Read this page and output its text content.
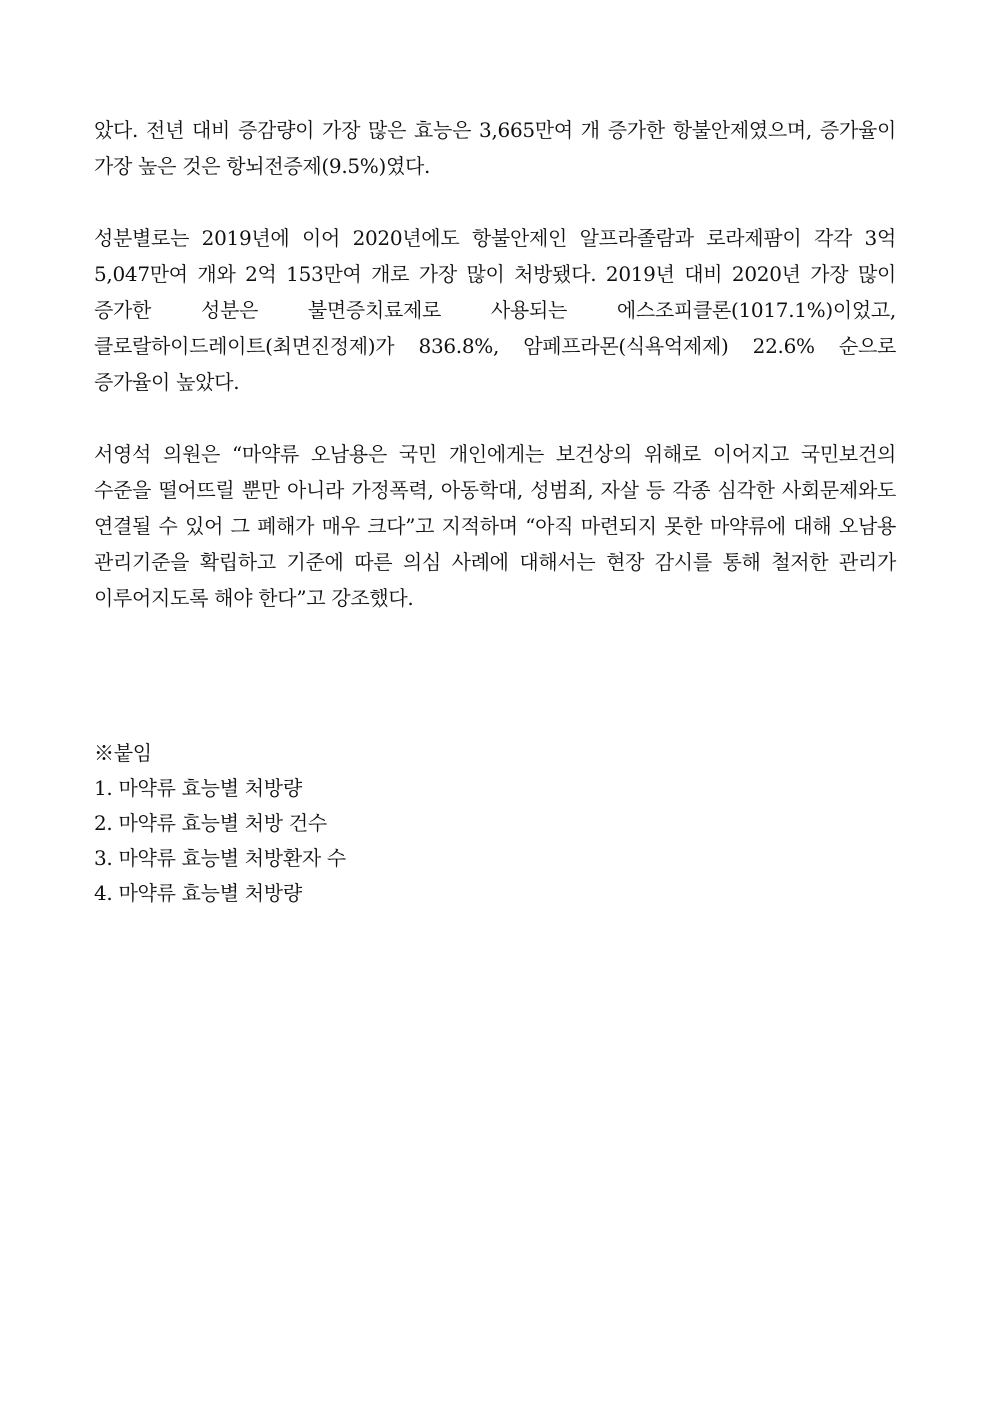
았다. 전년 대비 증감량이 가장 많은 효능은 3,665만여 개 증가한 항불안제였으며, 증가율이 가장 높은 것은 항뇌전증제(9.5%)였다.

성분별로는 2019년에 이어 2020년에도 항불안제인 알프라졸람과 로라제팜이 각각 3억 5,047만여 개와 2억 153만여 개로 가장 많이 처방됐다. 2019년 대비 2020년 가장 많이 증가한 성분은 불면증치료제로 사용되는 에스조피클론(1017.1%)이었고, 클로랄하이드레이트(최면진정제)가 836.8%, 암페프라몬(식욕억제제) 22.6% 순으로 증가율이 높았다.

서영석 의원은 “마약류 오남용은 국민 개인에게는 보건상의 위해로 이어지고 국민보건의 수준을 떨어뜨릴 뿐만 아니라 가정폭력, 아동학대, 성범죄, 자살 등 각종 심각한 사회문제와도 연결될 수 있어 그 폐해가 매우 크다”고 지적하며 “아직 마련되지 못한 마약류에 대해 오남용 관리기준을 확립하고 기준에 따른 의심 사례에 대해서는 현장 감시를 통해 철저한 관리가 이루어지도록 해야 한다”고 강조했다.

※붙임

1. 마약류 효능별 처방량
2. 마약류 효능별 처방 건수
3. 마약류 효능별 처방환자 수
4. 마약류 효능별 처방량
